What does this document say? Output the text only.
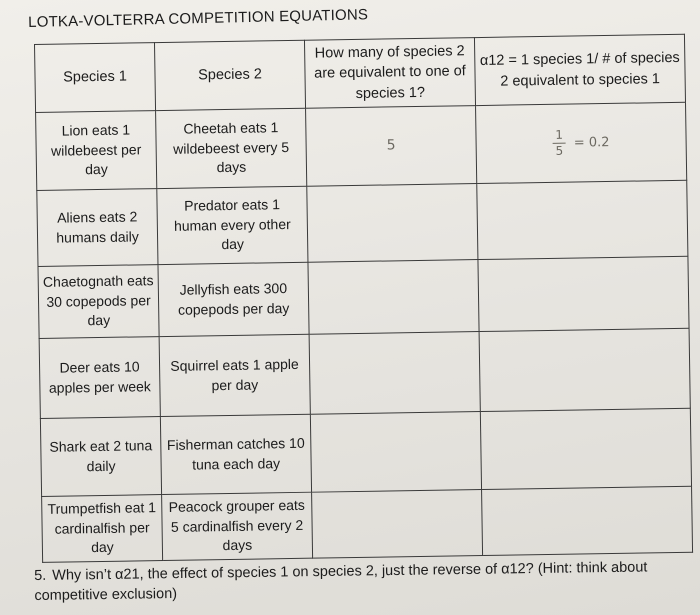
LOTKA-VOLTERRA COMPETITION EQUATIONS
Species 1	Species 2	How many of species 2 are equivalent to one of species 1?	α12 = 1 species 1/ # of species 2 equivalent to species 1
Lion eats 1 wildebeest per day	Cheetah eats 1 wildebeest every 5 days	5	$\frac{1}{5} = 0.2$
Aliens eats 2 humans daily	Predator eats 1 human every other day		
Chaetognath eats 30 copepods per day	Jellyfish eats 300 copepods per day		
Deer eats 10 apples per week	Squirrel eats 1 apple per day		
Shark eat 2 tuna daily	Fisherman catches 10 tuna each day		
Trumpetfish eat 1 cardinalfish per day	Peacock grouper eats 5 cardinalfish every 2 days		
5. Why isn’t α21, the effect of species 1 on species 2, just the reverse of α12? (Hint: think about competitive exclusion)
